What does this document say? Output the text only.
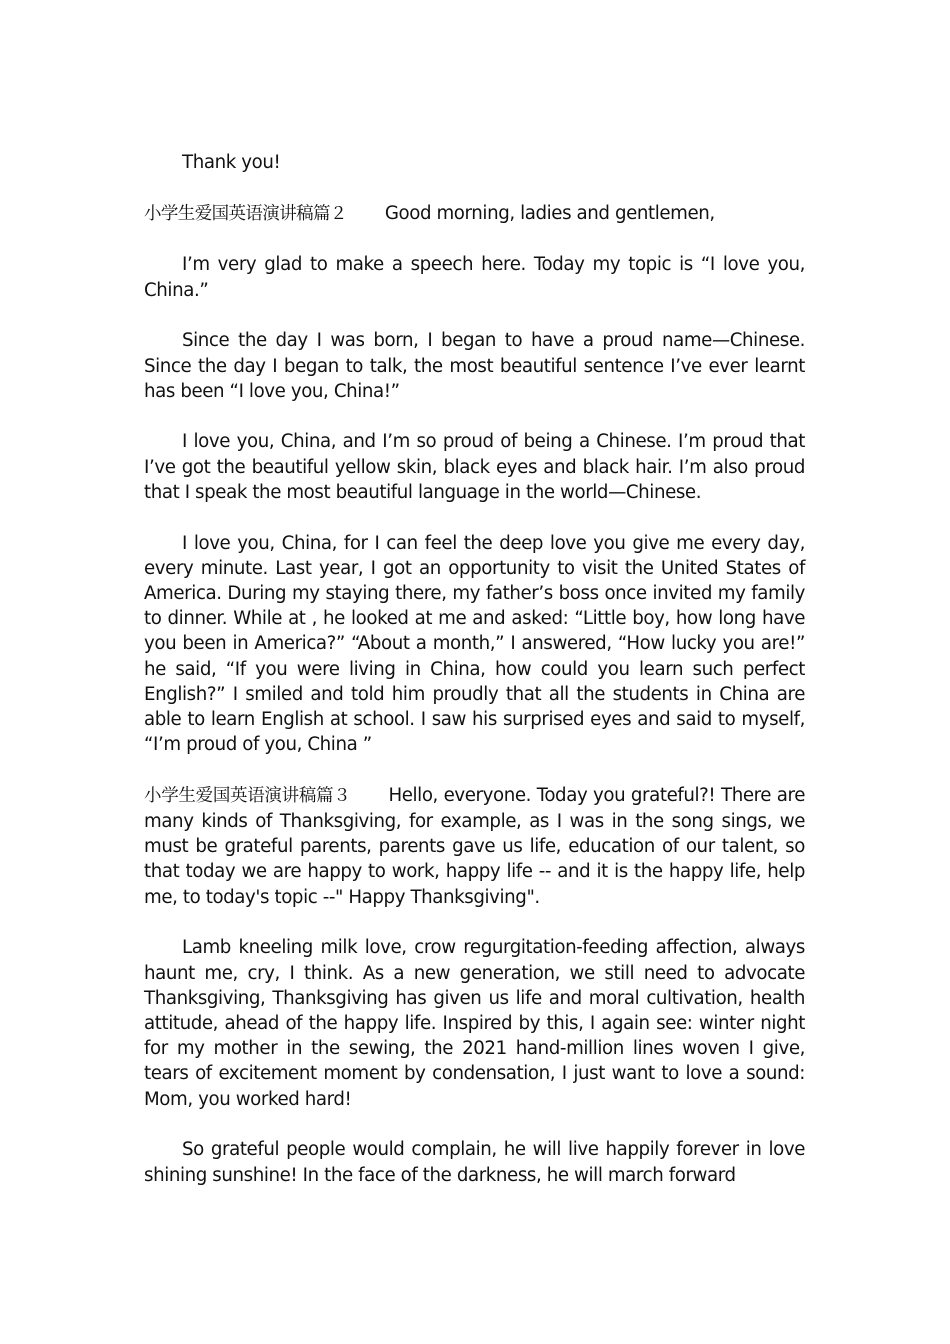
Thank you!

小学生爱国英语演讲稿篇２ Good morning, ladies and gentlemen,

I’m very glad to make a speech here. Today my topic is “I love you, China.”

Since the day I was born, I began to have a proud name—Chinese. Since the day I began to talk, the most beautiful sentence I’ve ever learnt has been “I love you, China!”

I love you, China, and I’m so proud of being a Chinese. I’m proud that I’ve got the beautiful yellow skin, black eyes and black hair. I’m also proud that I speak the most beautiful language in the world—Chinese.

I love you, China, for I can feel the deep love you give me every day, every minute. Last year, I got an opportunity to visit the United States of America. During my staying there, my father’s boss once invited my family to dinner. While at , he looked at me and asked: “Little boy, how long have you been in America?” “About a month,” I answered, “How lucky you are!” he said, “If you were living in China, how could you learn such perfect English?” I smiled and told him proudly that all the students in China are able to learn English at school. I saw his surprised eyes and said to myself, “I’m proud of you, China ”

小学生爱国英语演讲稿篇３ Hello, everyone. Today you grateful?! There are many kinds of Thanksgiving, for example, as I was in the song sings, we must be grateful parents, parents gave us life, education of our talent, so that today we are happy to work, happy life -- and it is the happy life, help me, to today's topic --" Happy Thanksgiving".

Lamb kneeling milk love, crow regurgitation-feeding affection, always haunt me, cry, I think. As a new generation, we still need to advocate Thanksgiving, Thanksgiving has given us life and moral cultivation, health attitude, ahead of the happy life. Inspired by this, I again see: winter night for my mother in the sewing, the 2021 hand-million lines woven I give, tears of excitement moment by condensation, I just want to love a sound: Mom, you worked hard!

So grateful people would complain, he will live happily forever in love shining sunshine! In the face of the darkness, he will march forward
